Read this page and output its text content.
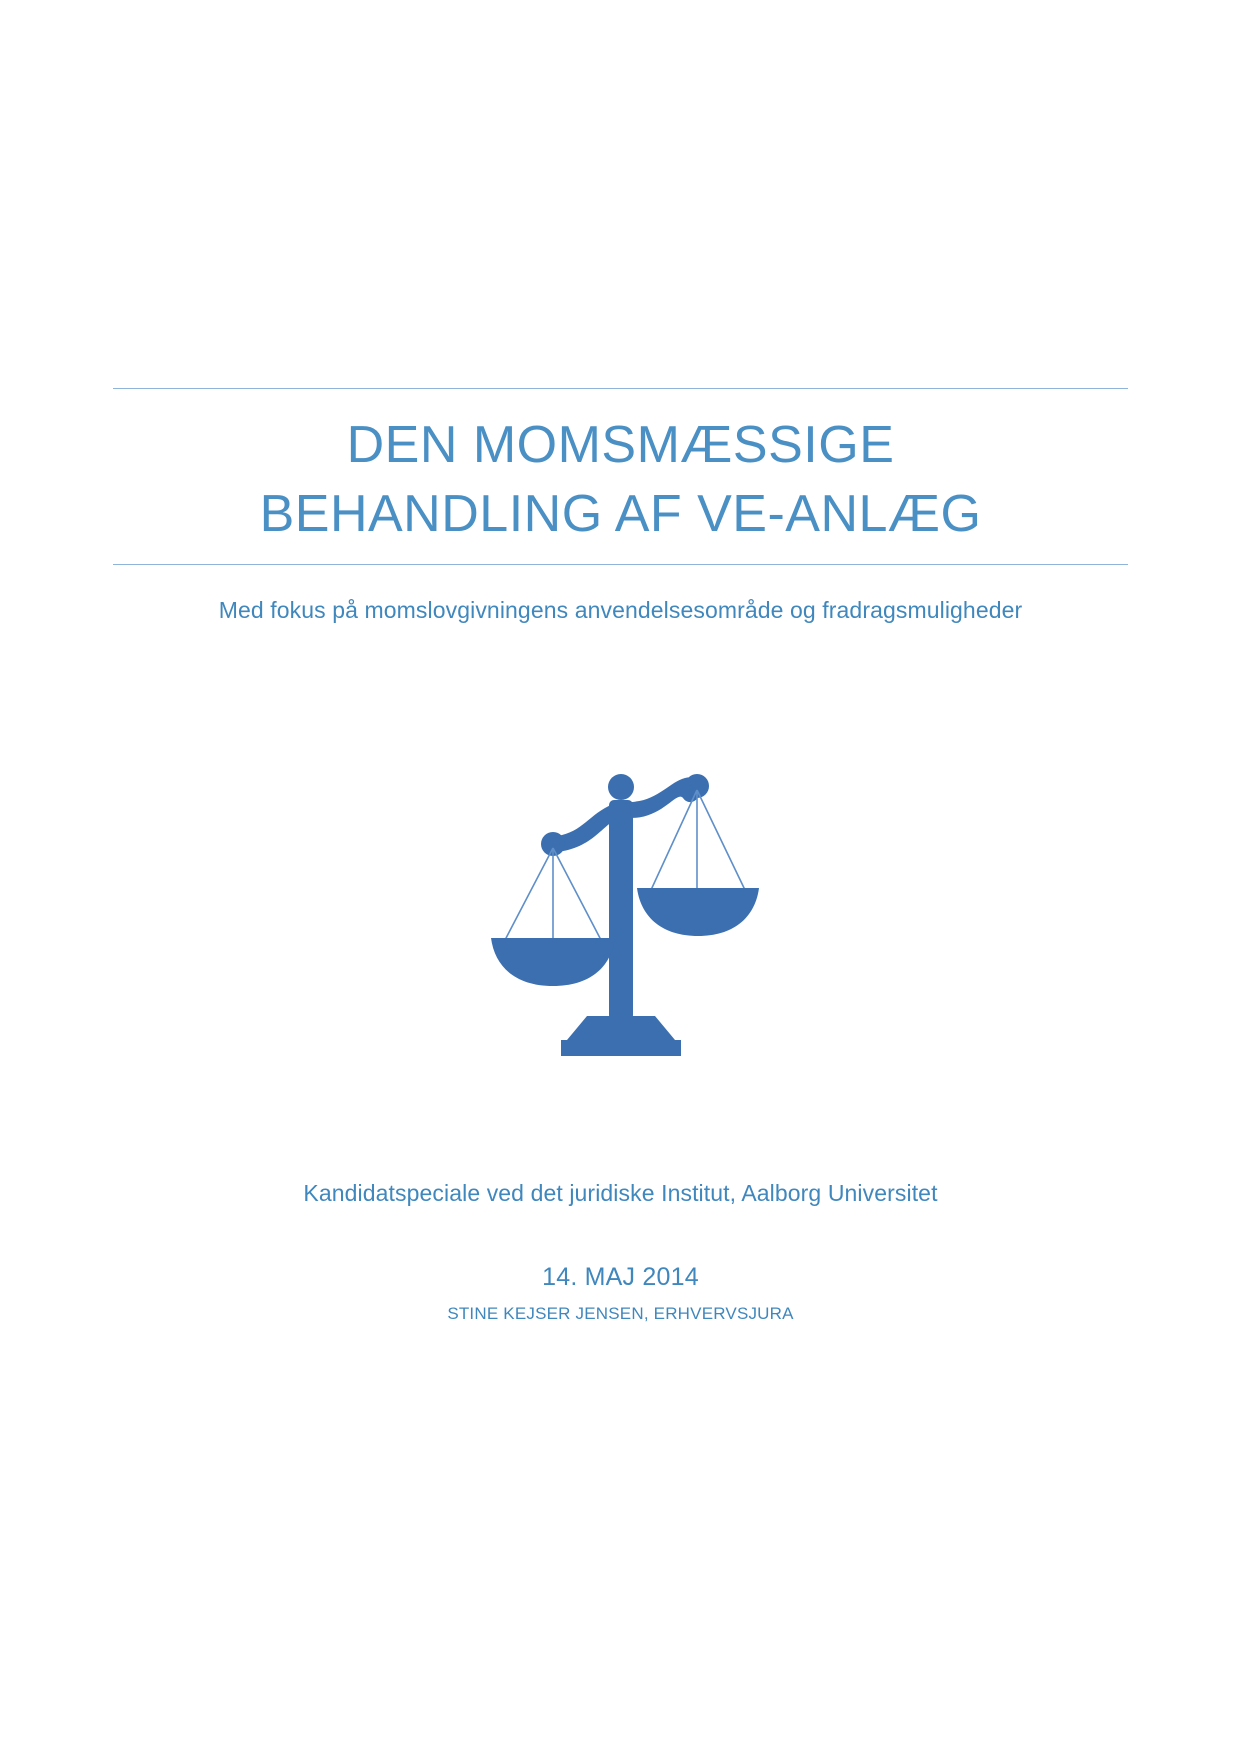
DEN MOMSMÆSSIGE
BEHANDLING AF VE-ANLÆG

Med fokus på momslovgivningens anvendelsesområde og fradragsmuligheder

Kandidatspeciale ved det juridiske Institut, Aalborg Universitet

14. MAJ 2014

STINE KEJSER JENSEN, ERHVERVSJURA
